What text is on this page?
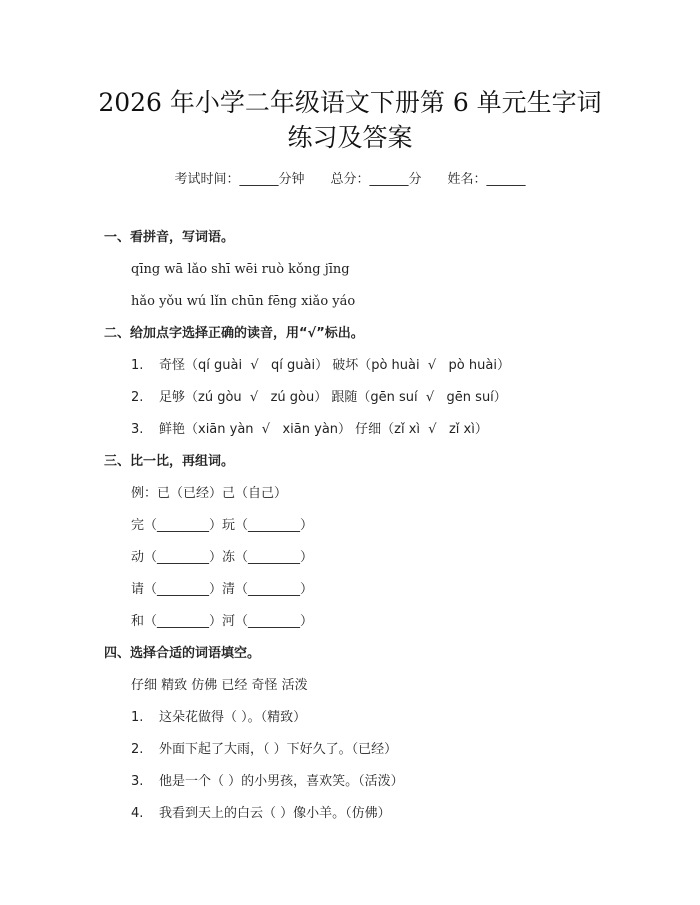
2026 年小学二年级语文下册第 6 单元生字词
练习及答案
考试时间：______分钟 总分：______分 姓名：______
一、看拼音，写词语。
qīng wā lǎo shī wēi ruò kǒng jīng
hǎo yǒu wú lǐn chūn fēng xiǎo yáo
二、给加点字选择正确的读音，用“√”标出。
1. 奇怪（qí guài  √   qí guài） 破坏（pò huài  √   pò huài）
2. 足够（zú gòu  √   zú gòu） 跟随（gēn suí  √   gēn suí）
3. 鲜艳（xiān yàn  √   xiān yàn） 仔细（zǐ xì  √   zǐ xì）
三、比一比，再组词。
例：已（已经）己（自己）
完（________）玩（________）
动（________）冻（________）
请（________）清（________）
和（________）河（________）
四、选择合适的词语填空。
仔细 精致 仿佛 已经 奇怪 活泼
1. 这朵花做得（ ）。（精致）
2. 外面下起了大雨，（ ）下好久了。（已经）
3. 他是一个（ ）的小男孩，喜欢笑。（活泼）
4. 我看到天上的白云（ ）像小羊。（仿佛）
